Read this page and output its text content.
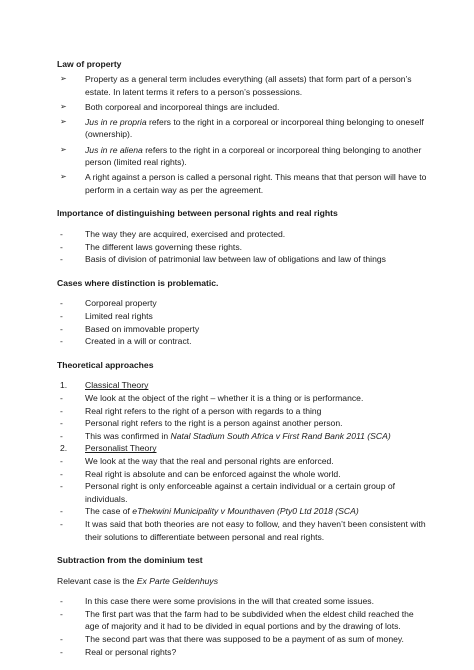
Law of property

➢ Property as a general term includes everything (all assets) that form part of a person’s estate. In latent terms it refers to a person’s possessions.
➢ Both corporeal and incorporeal things are included.
➢ Jus in re propria refers to the right in a corporeal or incorporeal thing belonging to oneself (ownership).
➢ Jus in re aliena refers to the right in a corporeal or incorporeal thing belonging to another person (limited real rights).
➢ A right against a person is called a personal right. This means that that person will have to perform in a certain way as per the agreement.

Importance of distinguishing between personal rights and real rights

-	The way they are acquired, exercised and protected.
-	The different laws governing these rights.
-	Basis of division of patrimonial law between law of obligations and law of things

Cases where distinction is problematic.

-	Corporeal property
-	Limited real rights
-	Based on immovable property
-	Created in a will or contract.

Theoretical approaches

1. Classical Theory
-	We look at the object of the right – whether it is a thing or is performance.
-	Real right refers to the right of a person with regards to a thing
-	Personal right refers to the right is a person against another person.
-	This was confirmed in Natal Stadium South Africa v First Rand Bank 2011 (SCA)
2. Personalist Theory
-	We look at the way that the real and personal rights are enforced.
-	Real right is absolute and can be enforced against the whole world.
-	Personal right is only enforceable against a certain individual or a certain group of individuals.
-	The case of eThekwini Municipality v Mounthaven (Pty0 Ltd 2018 (SCA)
-	It was said that both theories are not easy to follow, and they haven’t been consistent with their solutions to differentiate between personal and real rights.

Subtraction from the dominium test

Relevant case is the Ex Parte Geldenhuys

-	In this case there were some provisions in the will that created some issues.
-	The first part was that the farm had to be subdivided when the eldest child reached the age of majority and it had to be divided in equal portions and by the drawing of lots.
-	The second part was that there was supposed to be a payment of as sum of money.
-	Real or personal rights?
